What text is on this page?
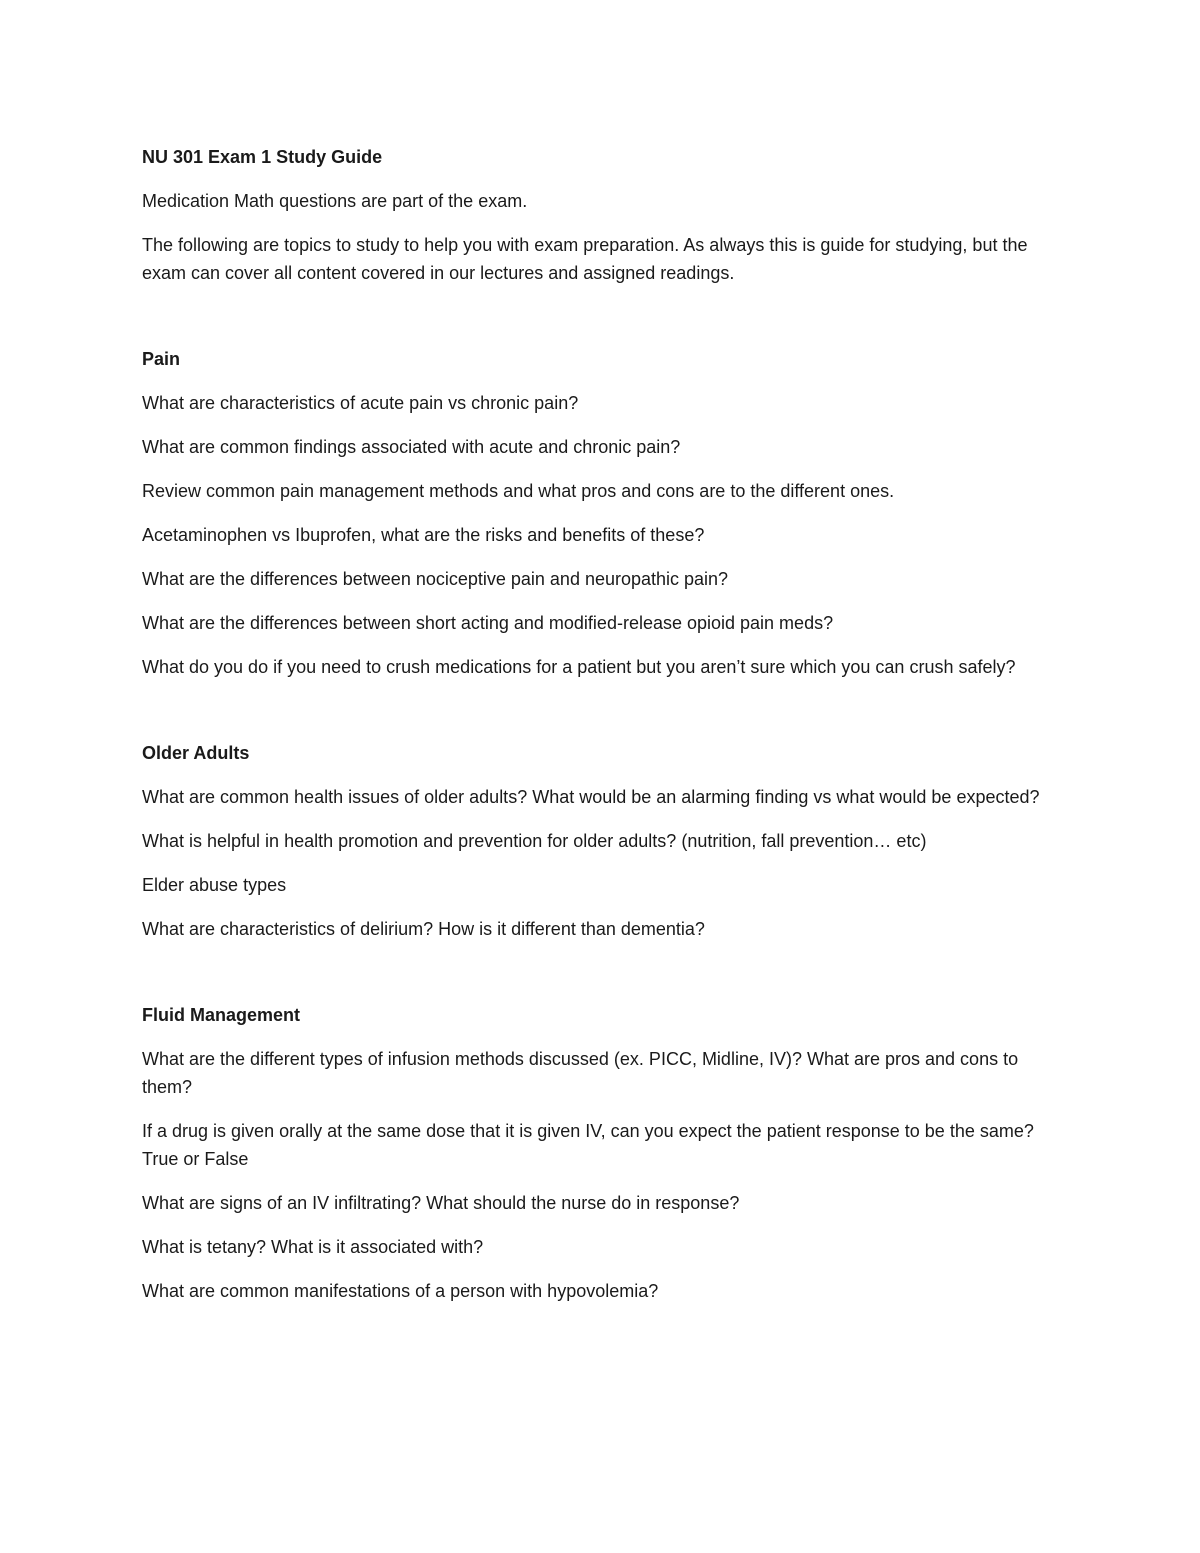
NU 301 Exam 1 Study Guide

Medication Math questions are part of the exam.

The following are topics to study to help you with exam preparation. As always this is guide for studying, but the exam can cover all content covered in our lectures and assigned readings.

Pain

What are characteristics of acute pain vs chronic pain?

What are common findings associated with acute and chronic pain?

Review common pain management methods and what pros and cons are to the different ones.

Acetaminophen vs Ibuprofen, what are the risks and benefits of these?

What are the differences between nociceptive pain and neuropathic pain?

What are the differences between short acting and modified-release opioid pain meds?

What do you do if you need to crush medications for a patient but you aren’t sure which you can crush safely?

Older Adults

What are common health issues of older adults? What would be an alarming finding vs what would be expected?

What is helpful in health promotion and prevention for older adults? (nutrition, fall prevention… etc)

Elder abuse types

What are characteristics of delirium? How is it different than dementia?

Fluid Management

What are the different types of infusion methods discussed (ex. PICC, Midline, IV)? What are pros and cons to them?

If a drug is given orally at the same dose that it is given IV, can you expect the patient response to be the same? True or False

What are signs of an IV infiltrating? What should the nurse do in response?

What is tetany? What is it associated with?

What are common manifestations of a person with hypovolemia?
